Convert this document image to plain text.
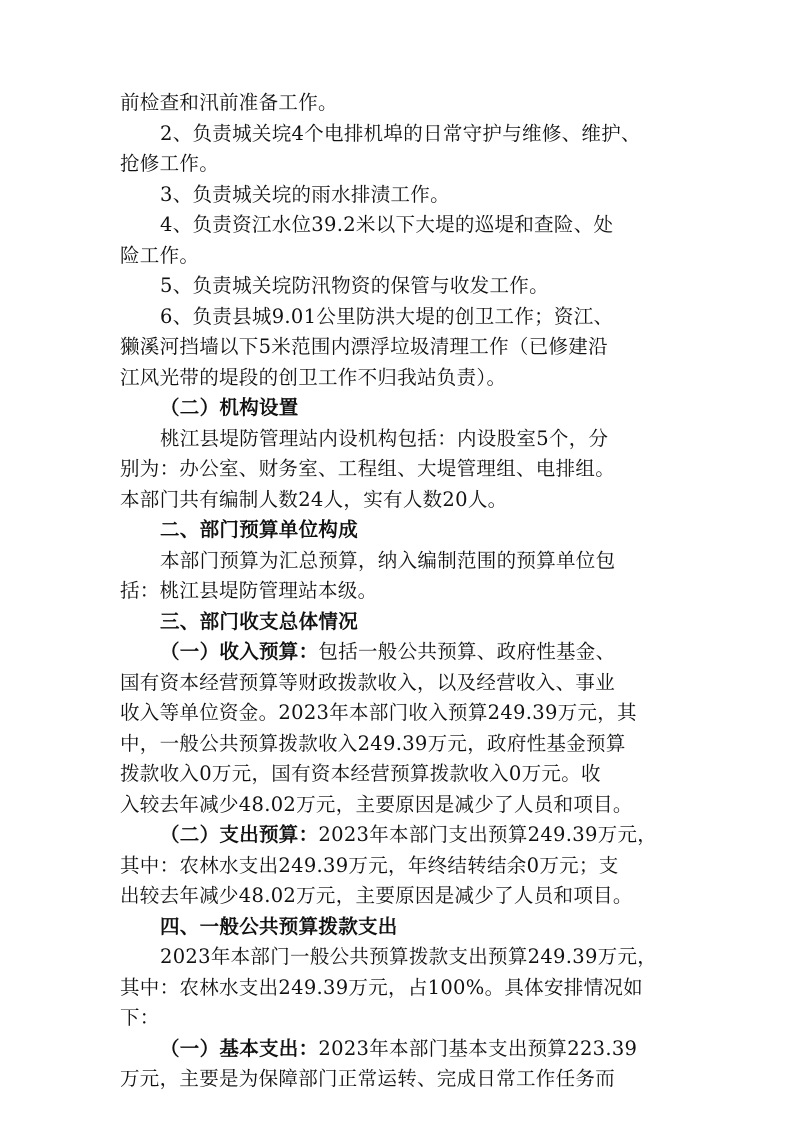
前检查和汛前准备工作。
2、负责城关垸4个电排机埠的日常守护与维修、维护、
抢修工作。
3、负责城关垸的雨水排渍工作。
4、负责资江水位39.2米以下大堤的巡堤和查险、处
险工作。
5、负责城关垸防汛物资的保管与收发工作。
6、负责县城9.01公里防洪大堤的创卫工作；资江、
獭溪河挡墙以下5米范围内漂浮垃圾清理工作（已修建沿
江风光带的堤段的创卫工作不归我站负责）。
（二）机构设置
桃江县堤防管理站内设机构包括：内设股室5个，分
别为：办公室、财务室、工程组、大堤管理组、电排组。
本部门共有编制人数24人，实有人数20人。
二、部门预算单位构成
本部门预算为汇总预算，纳入编制范围的预算单位包
括：桃江县堤防管理站本级。
三、部门收支总体情况
（一）收入预算：包括一般公共预算、政府性基金、
国有资本经营预算等财政拨款收入，以及经营收入、事业
收入等单位资金。2023年本部门收入预算249.39万元，其
中，一般公共预算拨款收入249.39万元，政府性基金预算
拨款收入0万元，国有资本经营预算拨款收入0万元。收
入较去年减少48.02万元，主要原因是减少了人员和项目。
（二）支出预算：2023年本部门支出预算249.39万元，
其中：农林水支出249.39万元，年终结转结余0万元；支
出较去年减少48.02万元，主要原因是减少了人员和项目。
四、一般公共预算拨款支出
2023年本部门一般公共预算拨款支出预算249.39万元，
其中：农林水支出249.39万元，占100%。具体安排情况如
下：
（一）基本支出：2023年本部门基本支出预算223.39
万元，主要是为保障部门正常运转、完成日常工作任务而
